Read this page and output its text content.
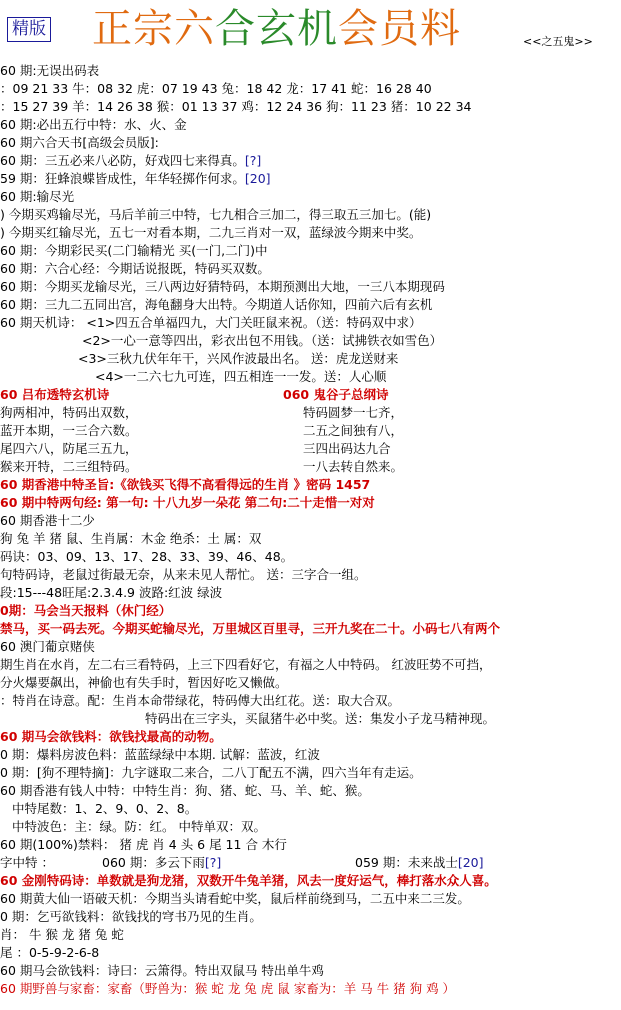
精版 正宗六合玄机会员料	<<之五鬼>>
60 期:无误出码表
：09 21 33 牛：08 32 虎：07 19 43 兔：18 42 龙：17 41 蛇：16 28 40
：15 27 39 羊：14 26 38 猴：01 13 37 鸡：12 24 36 狗：11 23 猪：10 22 34
60 期:必出五行中特：水、火、金
60 期六合天书[高级会员版]:
60 期：三五必来八必防，好戏四七来得真。[?]
59 期：狂蜂浪蝶皆成性，年华轻掷作何求。[20]
60 期:输尽光
) 今期买鸡输尽光，马后羊前三中特，七九相合三加二，得三取五三加七。(能)
) 今期买红输尽光，五七一对看本期，二九三肖对一双，蓝绿波今期来中奖。
60 期：今期彩民买(二门输精光 买(一门,二门)中
60 期：六合心经：今期话说报既，特码买双数。
60 期：今期买龙输尽光，三八两边好猜特码，本期预测出大地，一三八本期现码
60 期：三九二五同出宫，海龟翻身大出特。今期道人话你知，四前六后有玄机
60 期天机诗： <1>四五合单福四九，大门关旺鼠来祝。（送：特码双中求）
<2>一心一意等四出，彩衣出包不用钱。（送：试拂铁衣如雪色）
<3>三秋九伏年年干，兴风作波最出名。 送：虎龙送财来
<4>一二六七九可连，四五相连一一发。送：人心顺
60 吕布透特玄机诗	060 鬼谷子总纲诗
狗两相冲，特码出双数，	特码圆梦一七齐，
蓝开本期，一三合六数。	二五之间独有八，
尾四六八，防尾三五九，	三四出码达九合
猴来开特，二三组特码。	一八去转自然来。
60 期香港中特圣旨:《欲钱买飞得不高看得远的生肖 》密码 1457
60 期中特两句经: 第一句: 十八九岁一朵花 第二句:二十走惜一对对
60 期香港十二少
狗 兔 羊 猪 鼠、生肖属：木金 绝杀：土 属：双
码诀：03、09、13、17、28、33、39、46、48。
句特码诗，老鼠过街最无奈，从来未见人帮忙。 送：三字合一组。
段:15---48旺尾:2.3.4.9 波路:红波 绿波
0期：马会当天报料（休门经）
禁马，买一码去死。今期买蛇输尽光，万里城区百里寻，三开九奖在二十。小码七八有两个
60 澳门葡京赌侠
期生肖在水肖，左二右三看特码，上三下四看好它，有福之人中特码。 红波旺势不可挡，
分火爆要飙出，神偷也有失手时，暂因好吃又懒做。
：特肖在诗意。配：生肖本命带绿花，特码傅大出红花。送：取大合双。
特码出在三字头，买鼠猪牛必中奖。送：集发小子龙马精神现。
60 期马会欲钱料：欲钱找最高的动物。
0 期：爆料房波色料：蓝蓝绿绿中本期. 试解：蓝波，红波
0 期：[狗不理特摘]：九字谜取二来合，二八丁配五不满，四六当年有走运。
60 期香港有钱人中特：中特生肖：狗、猪、蛇、马、羊、蛇、猴。
中特尾数：1、2、9、0、2、8。
中特波色：主：绿。防：红。 中特单双：双。
60 期(100%)禁料： 猪 虎 肖 4 头 6 尾 11 合 木行
字中特 ：	060 期：多云下雨[?]	059 期：未来战士[20]
60 金刚特码诗：单数就是狗龙猪，双数开牛兔羊猪，风去一度好运气，棒打落水众人喜。
60 期黄大仙一语破天机：今期当头请看蛇中奖，鼠后样前绕到马，二五中来二三发。
0 期：乞丐欲钱料：欲钱找的穹书乃见的生肖。
肖： 牛 猴 龙 猪 兔 蛇
尾 ：0-5-9-2-6-8
60 期马会欲钱料：诗曰：云箫得。特出双鼠马 特出单牛鸡
60 期野兽与家畜：家畜（野兽为：猴 蛇 龙 兔 虎 鼠 家畜为：羊 马 牛 猪 狗 鸡 ）
